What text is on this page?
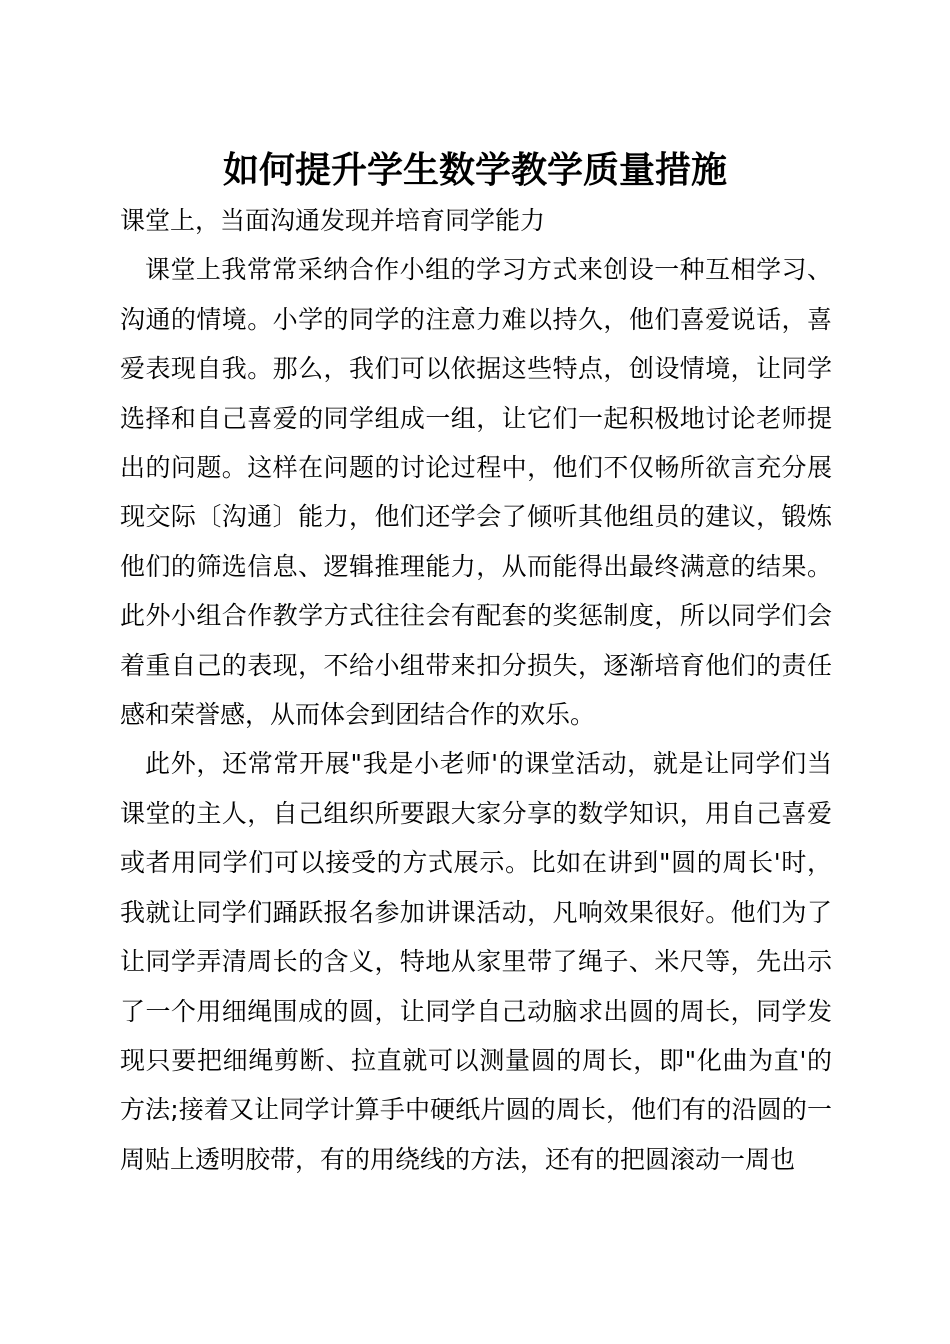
如何提升学生数学教学质量措施

课堂上，当面沟通发现并培育同学能力

课堂上我常常采纳合作小组的学习方式来创设一种互相学习、沟通的情境。小学的同学的注意力难以持久，他们喜爱说话，喜爱表现自我。那么，我们可以依据这些特点，创设情境，让同学选择和自己喜爱的同学组成一组，让它们一起积极地讨论老师提出的问题。这样在问题的讨论过程中，他们不仅畅所欲言充分展现交际〔沟通〕能力，他们还学会了倾听其他组员的建议，锻炼他们的筛选信息、逻辑推理能力，从而能得出最终满意的结果。此外小组合作教学方式往往会有配套的奖惩制度，所以同学们会着重自己的表现，不给小组带来扣分损失，逐渐培育他们的责任感和荣誉感，从而体会到团结合作的欢乐。

此外，还常常开展"我是小老师'的课堂活动，就是让同学们当课堂的主人，自己组织所要跟大家分享的数学知识，用自己喜爱或者用同学们可以接受的方式展示。比如在讲到"圆的周长'时，我就让同学们踊跃报名参加讲课活动，凡响效果很好。他们为了让同学弄清周长的含义，特地从家里带了绳子、米尺等，先出示了一个用细绳围成的圆，让同学自己动脑求出圆的周长，同学发现只要把细绳剪断、拉直就可以测量圆的周长，即"化曲为直'的方法;接着又让同学计算手中硬纸片圆的周长，他们有的沿圆的一周贴上透明胶带，有的用绕线的方法，还有的把圆滚动一周也
